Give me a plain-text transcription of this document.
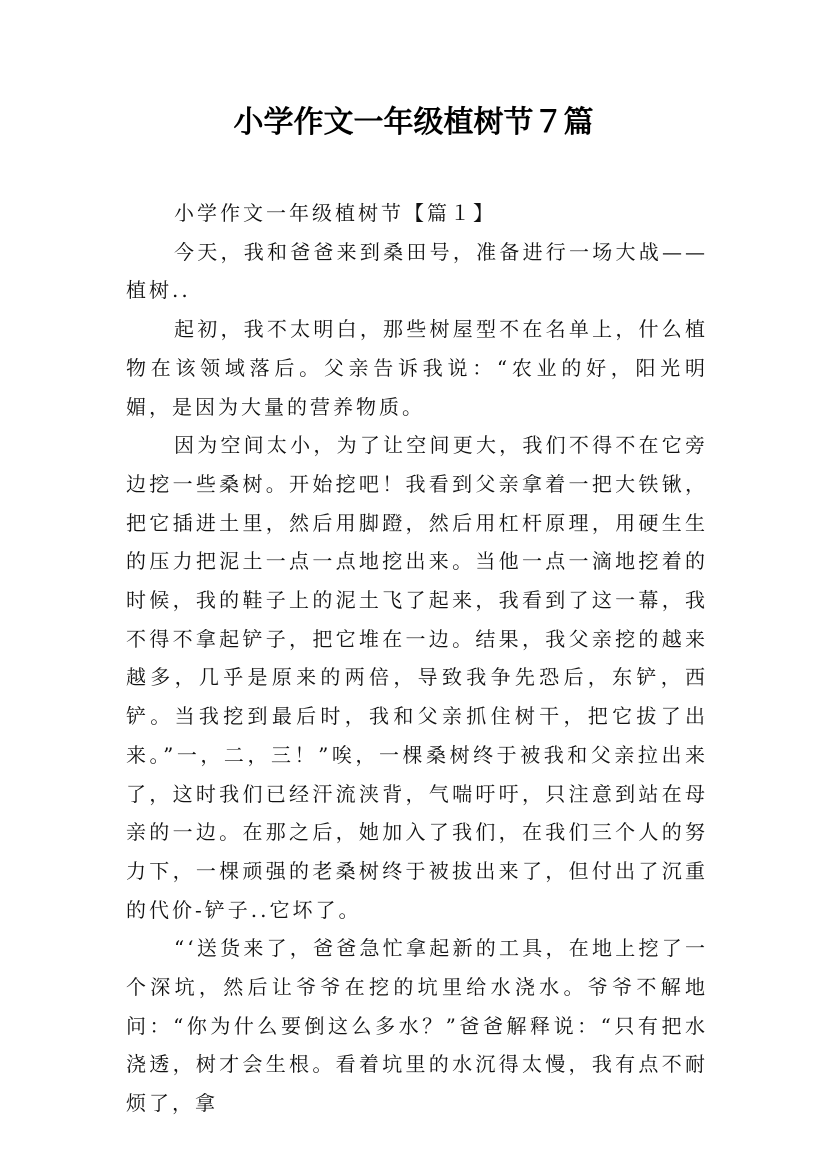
小学作文一年级植树节７篇

小学作文一年级植树节【篇１】

今天，我和爸爸来到桑田号，准备进行一场大战——植树..

起初，我不太明白，那些树屋型不在名单上，什么植物在该领域落后。父亲告诉我说：“农业的好，阳光明媚，是因为大量的营养物质。

因为空间太小，为了让空间更大，我们不得不在它旁边挖一些桑树。开始挖吧！我看到父亲拿着一把大铁锹，把它插进土里，然后用脚蹬，然后用杠杆原理，用硬生生的压力把泥土一点一点地挖出来。当他一点一滴地挖着的时候，我的鞋子上的泥土飞了起来，我看到了这一幕，我不得不拿起铲子，把它堆在一边。结果，我父亲挖的越来越多，几乎是原来的两倍，导致我争先恐后，东铲，西铲。当我挖到最后时，我和父亲抓住树干，把它拔了出来。”一，二，三！”唉，一棵桑树终于被我和父亲拉出来了，这时我们已经汗流浃背，气喘吁吁，只注意到站在母亲的一边。在那之后，她加入了我们，在我们三个人的努力下，一棵顽强的老桑树终于被拔出来了，但付出了沉重的代价-铲子..它坏了。

“‘送货来了，爸爸急忙拿起新的工具，在地上挖了一个深坑，然后让爷爷在挖的坑里给水浇水。爷爷不解地问：“你为什么要倒这么多水？”爸爸解释说：“只有把水浇透，树才会生根。看着坑里的水沉得太慢，我有点不耐烦了，拿
